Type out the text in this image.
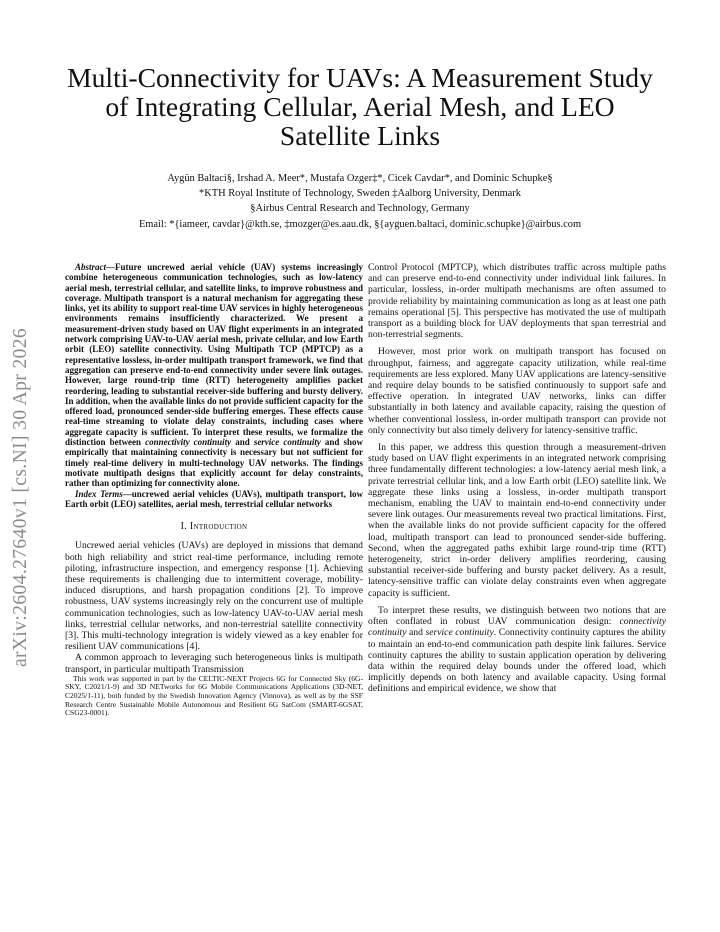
arXiv:2604.27640v1 [cs.NI] 30 Apr 2026
Multi-Connectivity for UAVs: A Measurement Study of Integrating Cellular, Aerial Mesh, and LEO Satellite Links
Aygün Baltaci§, Irshad A. Meer*, Mustafa Ozger‡*, Cicek Cavdar*, and Dominic Schupke§
*KTH Royal Institute of Technology, Sweden ‡Aalborg University, Denmark
§Airbus Central Research and Technology, Germany
Email: *{iameer, cavdar}@kth.se, ‡mozger@es.aau.dk, §{ayguen.baltaci, dominic.schupke}@airbus.com

Abstract—Future uncrewed aerial vehicle (UAV) systems increasingly combine heterogeneous communication technologies, such as low-latency aerial mesh, terrestrial cellular, and satellite links, to improve robustness and coverage. Multipath transport is a natural mechanism for aggregating these links, yet its ability to support real-time UAV services in highly heterogeneous environments remains insufficiently characterized. We present a measurement-driven study based on UAV flight experiments in an integrated network comprising UAV-to-UAV aerial mesh, private cellular, and low Earth orbit (LEO) satellite connectivity. Using Multipath TCP (MPTCP) as a representative lossless, in-order multipath transport framework, we find that aggregation can preserve end-to-end connectivity under severe link outages. However, large round-trip time (RTT) heterogeneity amplifies packet reordering, leading to substantial receiver-side buffering and bursty delivery. In addition, when the available links do not provide sufficient capacity for the offered load, pronounced sender-side buffering emerges. These effects cause real-time streaming to violate delay constraints, including cases where aggregate capacity is sufficient. To interpret these results, we formalize the distinction between connectivity continuity and service continuity and show empirically that maintaining connectivity is necessary but not sufficient for timely real-time delivery in multi-technology UAV networks. The findings motivate multipath designs that explicitly account for delay constraints, rather than optimizing for connectivity alone.

Index Terms—uncrewed aerial vehicles (UAVs), multipath transport, low Earth orbit (LEO) satellites, aerial mesh, terrestrial cellular networks

I. Introduction

Uncrewed aerial vehicles (UAVs) are deployed in missions that demand both high reliability and strict real-time performance, including remote piloting, infrastructure inspection, and emergency response [1]. Achieving these requirements is challenging due to intermittent coverage, mobility-induced disruptions, and harsh propagation conditions [2]. To improve robustness, UAV systems increasingly rely on the concurrent use of multiple communication technologies, such as low-latency UAV-to-UAV aerial mesh links, terrestrial cellular networks, and non-terrestrial satellite connectivity [3]. This multi-technology integration is widely viewed as a key enabler for resilient UAV communications [4].

A common approach to leveraging such heterogeneous links is multipath transport, in particular multipath Transmission

This work was supported in part by the CELTIC-NEXT Projects 6G for Connected Sky (6G-SKY, C2021/1-9) and 3D NETworks for 6G Mobile Communications Applications (3D-NET, C2025/1-11), both funded by the Swedish Innovation Agency (Vinnova), as well as by the SSF Research Centre Sustainable Mobile Autonomous and Resilient 6G SatCom (SMART-6GSAT, CSG23-0001).

Control Protocol (MPTCP), which distributes traffic across multiple paths and can preserve end-to-end connectivity under individual link failures. In particular, lossless, in-order multipath mechanisms are often assumed to provide reliability by maintaining communication as long as at least one path remains operational [5]. This perspective has motivated the use of multipath transport as a building block for UAV deployments that span terrestrial and non-terrestrial segments.

However, most prior work on multipath transport has focused on throughput, fairness, and aggregate capacity utilization, while real-time requirements are less explored. Many UAV applications are latency-sensitive and require delay bounds to be satisfied continuously to support safe and effective operation. In integrated UAV networks, links can differ substantially in both latency and available capacity, raising the question of whether conventional lossless, in-order multipath transport can provide not only connectivity but also timely delivery for latency-sensitive traffic.

In this paper, we address this question through a measurement-driven study based on UAV flight experiments in an integrated network comprising three fundamentally different technologies: a low-latency aerial mesh link, a private terrestrial cellular link, and a low Earth orbit (LEO) satellite link. We aggregate these links using a lossless, in-order multipath transport mechanism, enabling the UAV to maintain end-to-end connectivity under severe link outages. Our measurements reveal two practical limitations. First, when the available links do not provide sufficient capacity for the offered load, multipath transport can lead to pronounced sender-side buffering. Second, when the aggregated paths exhibit large round-trip time (RTT) heterogeneity, strict in-order delivery amplifies reordering, causing substantial receiver-side buffering and bursty packet delivery. As a result, latency-sensitive traffic can violate delay constraints even when aggregate capacity is sufficient.

To interpret these results, we distinguish between two notions that are often conflated in robust UAV communication design: connectivity continuity and service continuity. Connectivity continuity captures the ability to maintain an end-to-end communication path despite link failures. Service continuity captures the ability to sustain application operation by delivering data within the required delay bounds under the offered load, which implicitly depends on both latency and available capacity. Using formal definitions and empirical evidence, we show that
